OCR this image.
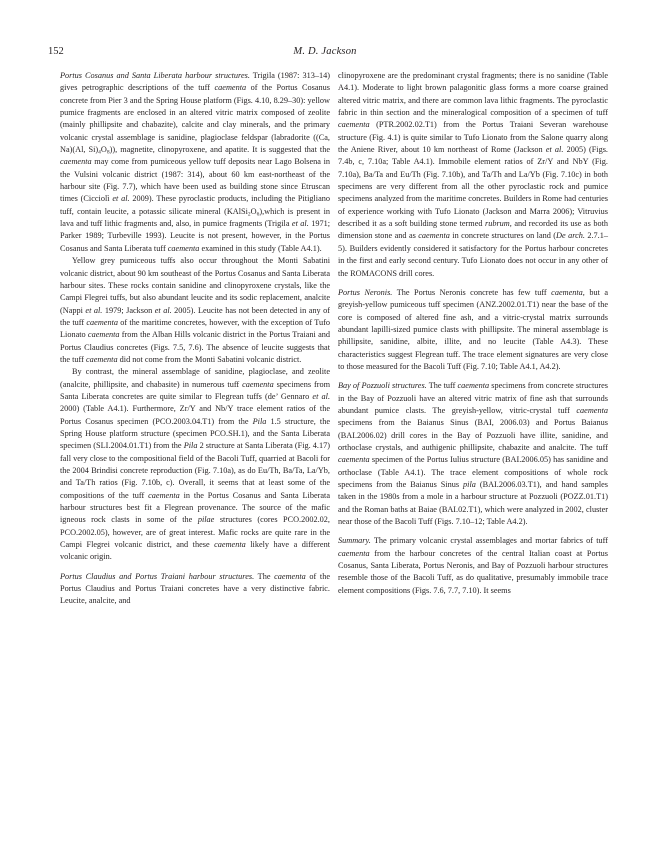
152	M. D. Jackson

Portus Cosanus and Santa Liberata harbour structures. Trigila (1987: 313–14) gives petrographic descriptions of the tuff caementa of the Portus Cosanus concrete from Pier 3 and the Spring House platform (Figs. 4.10, 8.29–30): yellow pumice fragments are enclosed in an altered vitric matrix composed of zeolite (mainly phillipsite and chabazite), calcite and clay minerals, and the primary volcanic crystal assemblage is sanidine, plagioclase feldspar (labradorite ((Ca, Na)(Al, $Si)_4O_8$)), magnetite, clinopyroxene, and apatite. It is suggested that the caementa may come from pumiceous yellow tuff deposits near Lago Bolsena in the Vulsini volcanic district (1987: 314), about 60 km east-northeast of the harbour site (Fig. 7.7), which have been used as building stone since Etruscan times (Cicciolì et al. 2009). These pyroclastic products, including the Pitigliano tuff, contain leucite, a potassic silicate mineral $(KAlSi_2O_6),which$ is present in lava and tuff lithic fragments and, also, in pumice fragments (Trigila et al. 1971; Parker 1989; Turbeville 1993). Leucite is not present, however, in the Portus Cosanus and Santa Liberata tuff caementa examined in this study (Table A4.1).

Yellow grey pumiceous tuffs also occur throughout the Monti Sabatini volcanic district, about 90 km southeast of the Portus Cosanus and Santa Liberata harbour sites. These rocks contain sanidine and clinopyroxene crystals, like the Campi Flegrei tuffs, but also abundant leucite and its sodic replacement, analcite (Nappi et al. 1979; Jackson et al. 2005). Leucite has not been detected in any of the tuff caementa of the maritime concretes, however, with the exception of Tufo Lionato caementa from the Alban Hills volcanic district in the Portus Traiani and Portus Claudius concretes (Figs. 7.5, 7.6). The absence of leucite suggests that the tuff caementa did not come from the Monti Sabatini volcanic district.

By contrast, the mineral assemblage of sanidine, plagioclase, and zeolite (analcite, phillipsite, and chabasite) in numerous tuff caementa specimens from Santa Liberata concretes are quite similar to Flegrean tuffs (de’ Gennaro et al. 2000) (Table A4.1). Furthermore, Zr/Y and Nb/Y trace element ratios of the Portus Cosanus specimen (PCO.2003.04.T1) from the Pila 1.5 structure, the Spring House platform structure (specimen PCO.SH.1), and the Santa Liberata specimen (SLI.2004.01.T1) from the Pila 2 structure at Santa Liberata (Fig. 4.17) fall very close to the compositional field of the Bacoli Tuff, quarried at Bacoli for the 2004 Brindisi concrete reproduction (Fig. 7.10a), as do Eu/Th, Ba/Ta, La/Yb, and Ta/Th ratios (Fig. 7.10b, c). Overall, it seems that at least some of the compositions of the tuff caementa in the Portus Cosanus and Santa Liberata harbour structures best fit a Flegrean provenance. The source of the mafic igneous rock clasts in some of the pilae structures (cores PCO.2002.02, PCO.2002.05), however, are of great interest. Mafic rocks are quite rare in the Campi Flegrei volcanic district, and these caementa likely have a different volcanic origin.

Portus Claudius and Portus Traiani harbour structures. The caementa of the Portus Claudius and Portus Traiani concretes have a very distinctive fabric. Leucite, analcite, and

clinopyroxene are the predominant crystal fragments; there is no sanidine (Table A4.1). Moderate to light brown palagonitic glass forms a more coarse grained altered vitric matrix, and there are common lava lithic fragments. The pyroclastic fabric in thin section and the mineralogical composition of a specimen of tuff caementa (PTR.2002.02.T1) from the Portus Traiani Severan warehouse structure (Fig. 4.1) is quite similar to Tufo Lionato from the Salone quarry along the Aniene River, about 10 km northeast of Rome (Jackson et al. 2005) (Figs. 7.4b, c, 7.10a; Table A4.1). Immobile element ratios of Zr/Y and NbY (Fig. 7.10a), Ba/Ta and Eu/Th (Fig. 7.10b), and Ta/Th and La/Yb (Fig. 7.10c) in both specimens are very different from all the other pyroclastic rock and pumice specimens analyzed from the maritime concretes. Builders in Rome had centuries of experience working with Tufo Lionato (Jackson and Marra 2006); Vitruvius described it as a soft building stone termed rubrum, and recorded its use as both dimension stone and as caementa in concrete structures on land (De arch. 2.7.1–5). Builders evidently considered it satisfactory for the Portus harbour concretes in the first and early second century. Tufo Lionato does not occur in any other of the ROMACONS drill cores.

Portus Neronis. The Portus Neronis concrete has few tuff caementa, but a greyish-yellow pumiceous tuff specimen (ANZ.2002.01.T1) near the base of the core is composed of altered fine ash, and a vitric-crystal matrix surrounds abundant lapilli-sized pumice clasts with phillipsite. The mineral assemblage is phillipsite, sanidine, albite, illite, and no leucite (Table A4.3). These characteristics suggest Flegrean tuff. The trace element signatures are very close to those measured for the Bacoli Tuff (Fig. 7.10; Table A4.1, A4.2).

Bay of Pozzuoli structures. The tuff caementa specimens from concrete structures in the Bay of Pozzuoli have an altered vitric matrix of fine ash that surrounds abundant pumice clasts. The greyish-yellow, vitric-crystal tuff caementa specimens from the Baianus Sinus (BAI, 2006.03) and Portus Baianus (BAI.2006.02) drill cores in the Bay of Pozzuoli have illite, sanidine, and orthoclase crystals, and authigenic phillipsite, chabazite and analcite. The tuff caementa specimen of the Portus Iulius structure (BAI.2006.05) has sanidine and orthoclase (Table A4.1). The trace element compositions of whole rock specimens from the Baianus Sinus pila (BAI.2006.03.T1), and hand samples taken in the 1980s from a mole in a harbour structure at Pozzuoli (POZZ.01.T1) and the Roman baths at Baiae (BAI.02.T1), which were analyzed in 2002, cluster near those of the Bacoli Tuff (Figs. 7.10–12; Table A4.2).

Summary. The primary volcanic crystal assemblages and mortar fabrics of tuff caementa from the harbour concretes of the central Italian coast at Portus Cosanus, Santa Liberata, Portus Neronis, and Bay of Pozzuoli harbour structures resemble those of the Bacoli Tuff, as do qualitative, presumably immobile trace element compositions (Figs. 7.6, 7.7, 7.10). It seems
